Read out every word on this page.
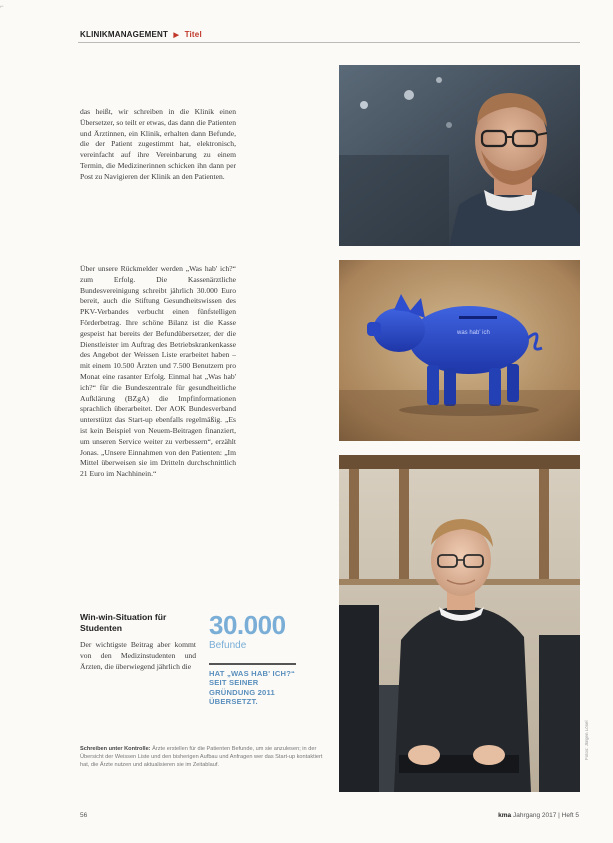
⌐
KLINIKMANAGEMENT ▶ Titel

das heißt, wir schreiben in die Klinik einen Übersetzer, so teilt er etwas, das dann die Patienten und Ärztinnen, ein Klinik, erhalten dann Befunde, die der Patient zugestimmt hat, elektronisch, vereinfacht auf ihre Vereinbarung zu einem Termin, die Medizinerinnen schicken ihn dann per Post zu Navigieren der Klinik an den Patienten.

Über unsere Rückmelder werden „Was hab' ich?“ zum Erfolg. Die Kassenärztliche Bundesvereinigung schreibt jährlich 30.000 Euro bereit, auch die Stiftung Gesundheitswissen des PKV-Verbandes verbucht einen fünfstelligen Förderbetrag. Ihre schöne Bilanz ist die Kasse gespeist hat bereits der Befundübersetzer, der die Dienstleister im Auftrag des Betriebskrankenkasse des Angebot der Weissen Liste erarbeitet haben – mit einem 10.500 Ärzten und 7.500 Benutzern pro Monat eine rasanter Erfolg. Einmal hat „Was hab' ich?“ für die Bundeszentrale für gesundheitliche Aufklärung (BZgA) die Impfinformationen sprachlich überarbeitet. Der AOK Bundesverband unterstützt das Start-up ebenfalls regelmäßig. „Es ist kein Beispiel von Neuem-Beitragen finanziert, um unseren Service weiter zu verbessern“, erzählt Jonas. „Unsere Einnahmen von den Patienten: „Im Mittel überweisen sie im Dritteln durchschnittlich 21 Euro im Nachhinein.“

Win-win-Situation für Studenten
Der wichtigste Beitrag aber kommt von den Medizinstudenten und Ärzten, die überwiegend jährlich die
30.000
Befunde
HAT „WAS HAB' ICH?“ SEIT SEINER GRÜNDUNG 2011 ÜBERSETZT.
was hab' ich
Fotos: Jürgen Lösel
Schreiben unter Kontrolle: Ärzte erstellen für die Patienten Befunde, um sie anzulesen; in der Übersicht der Weissen Liste und den bisherigen Aufbau und Anfragen wer das Start-up kontaktiert hat, die Ärzte nutzen und aktualisieren sie im Zeitablauf.
56	kma Jahrgang 2017 | Heft 5
